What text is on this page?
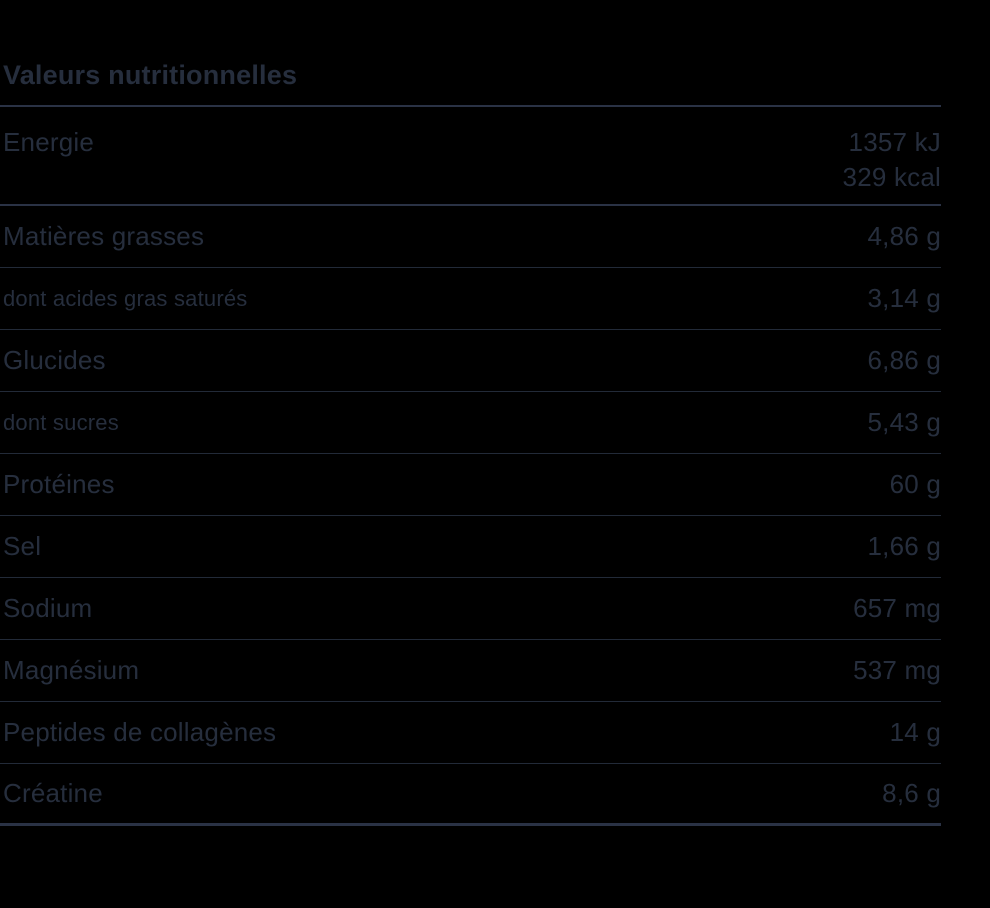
Valeurs nutritionnelles
Energie	1357 kJ
329 kcal
Matières grasses	4,86 g
dont acides gras saturés	3,14 g
Glucides	6,86 g
dont sucres	5,43 g
Protéines	60 g
Sel	1,66 g
Sodium	657 mg
Magnésium	537 mg
Peptides de collagènes	14 g
Créatine	8,6 g
